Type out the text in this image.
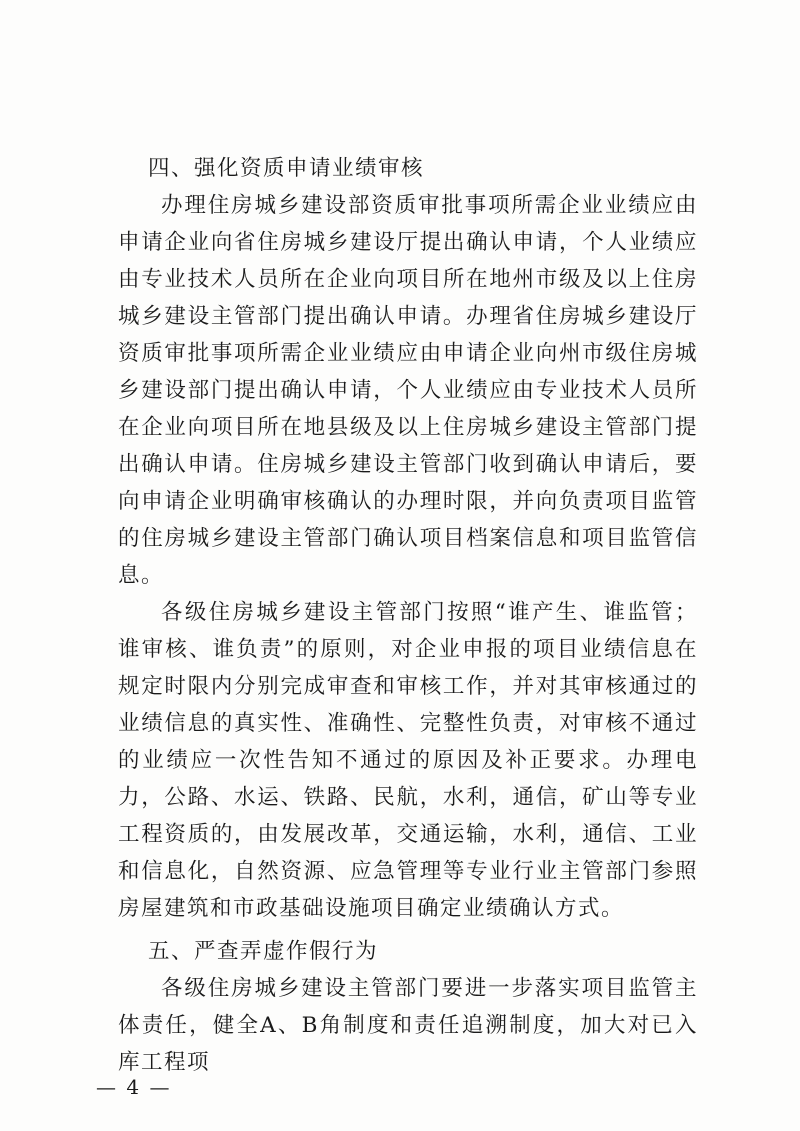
四、强化资质申请业绩审核

办理住房城乡建设部资质审批事项所需企业业绩应由申请企业向省住房城乡建设厅提出确认申请，个人业绩应由专业技术人员所在企业向项目所在地州市级及以上住房城乡建设主管部门提出确认申请。办理省住房城乡建设厅资质审批事项所需企业业绩应由申请企业向州市级住房城乡建设部门提出确认申请，个人业绩应由专业技术人员所在企业向项目所在地县级及以上住房城乡建设主管部门提出确认申请。住房城乡建设主管部门收到确认申请后，要向申请企业明确审核确认的办理时限，并向负责项目监管的住房城乡建设主管部门确认项目档案信息和项目监管信息。

各级住房城乡建设主管部门按照“谁产生、谁监管；谁审核、谁负责”的原则，对企业申报的项目业绩信息在规定时限内分别完成审查和审核工作，并对其审核通过的业绩信息的真实性、准确性、完整性负责，对审核不通过的业绩应一次性告知不通过的原因及补正要求。办理电力，公路、水运、铁路、民航，水利，通信，矿山等专业工程资质的，由发展改革，交通运输，水利，通信、工业和信息化，自然资源、应急管理等专业行业主管部门参照房屋建筑和市政基础设施项目确定业绩确认方式。

五、严查弄虚作假行为

各级住房城乡建设主管部门要进一步落实项目监管主体责任，健全A、B角制度和责任追溯制度，加大对已入库工程项

— 4 —
